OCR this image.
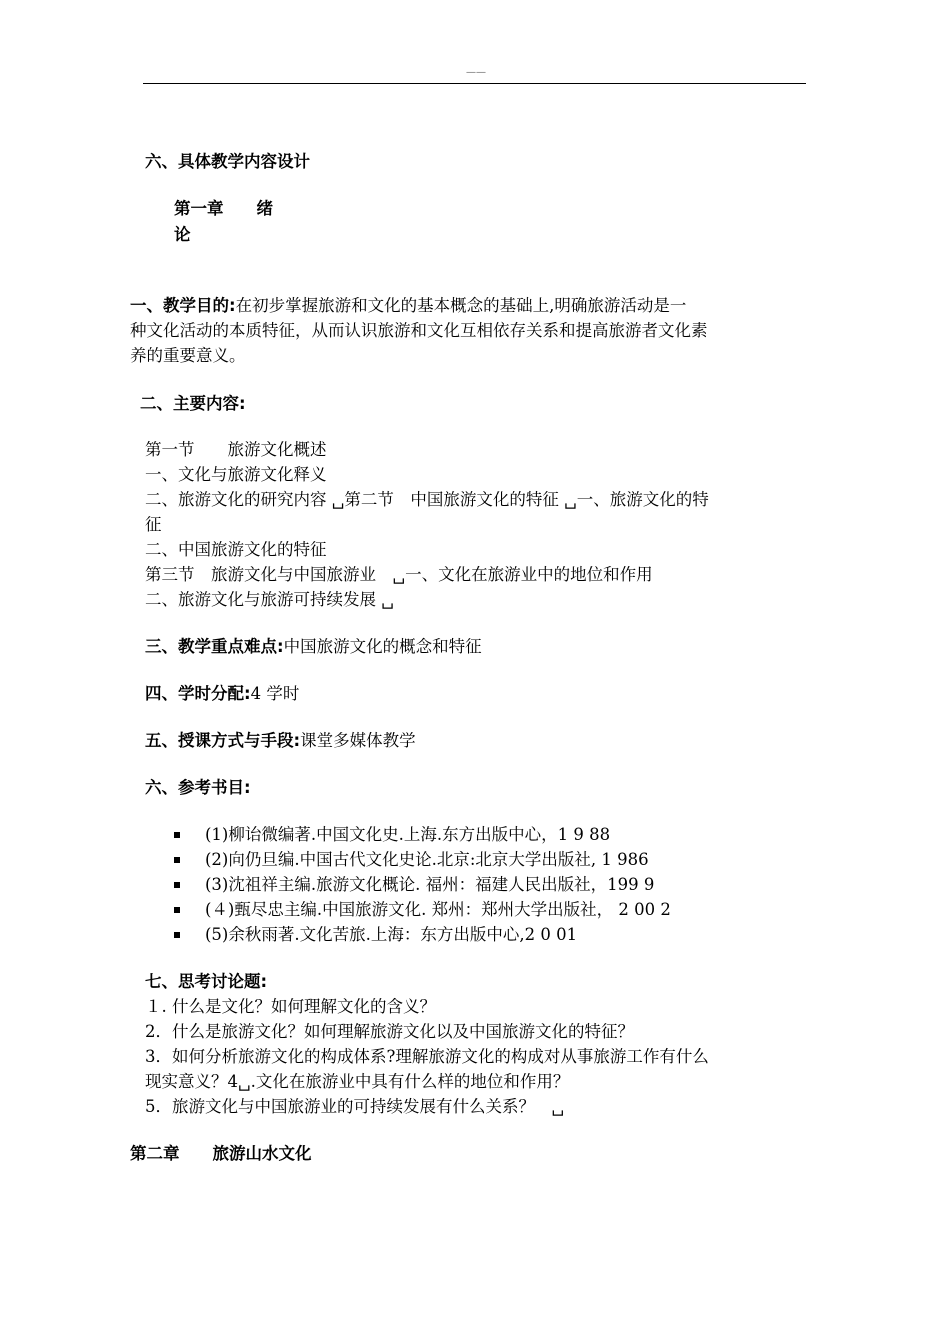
——
六、具体教学内容设计
第一章　　绪
论
一、教学目的:在初步掌握旅游和文化的基本概念的基础上,明确旅游活动是一
种文化活动的本质特征，从而认识旅游和文化互相依存关系和提高旅游者文化素
养的重要意义。
二、主要内容:
第一节　　旅游文化概述
一、文化与旅游文化释义
二、旅游文化的研究内容 ␣第二节　中国旅游文化的特征 ␣一、旅游文化的特
征
二、中国旅游文化的特征
第三节　旅游文化与中国旅游业　␣一、文化在旅游业中的地位和作用
二、旅游文化与旅游可持续发展 ␣
三、教学重点难点:中国旅游文化的概念和特征
四、学时分配:4 学时
五、授课方式与手段:课堂多媒体教学
六、参考书目:
(1)柳诒微编著.中国文化史.上海.东方出版中心，1 9 88
(2)向仍旦编.中国古代文化史论.北京:北京大学出版社, 1 986
(3)沈祖祥主编.旅游文化概论. 福州：福建人民出版社，199 9
(４)甄尽忠主编.中国旅游文化. 郑州：郑州大学出版社， 2 00 2
(5)余秋雨著.文化苦旅.上海：东方出版中心,2 0 01
七、思考讨论题:
１. 什么是文化？如何理解文化的含义？
2．什么是旅游文化？如何理解旅游文化以及中国旅游文化的特征？
3．如何分析旅游文化的构成体系?理解旅游文化的构成对从事旅游工作有什么
现实意义？4␣.文化在旅游业中具有什么样的地位和作用？
5．旅游文化与中国旅游业的可持续发展有什么关系？　␣
第二章　　旅游山水文化
